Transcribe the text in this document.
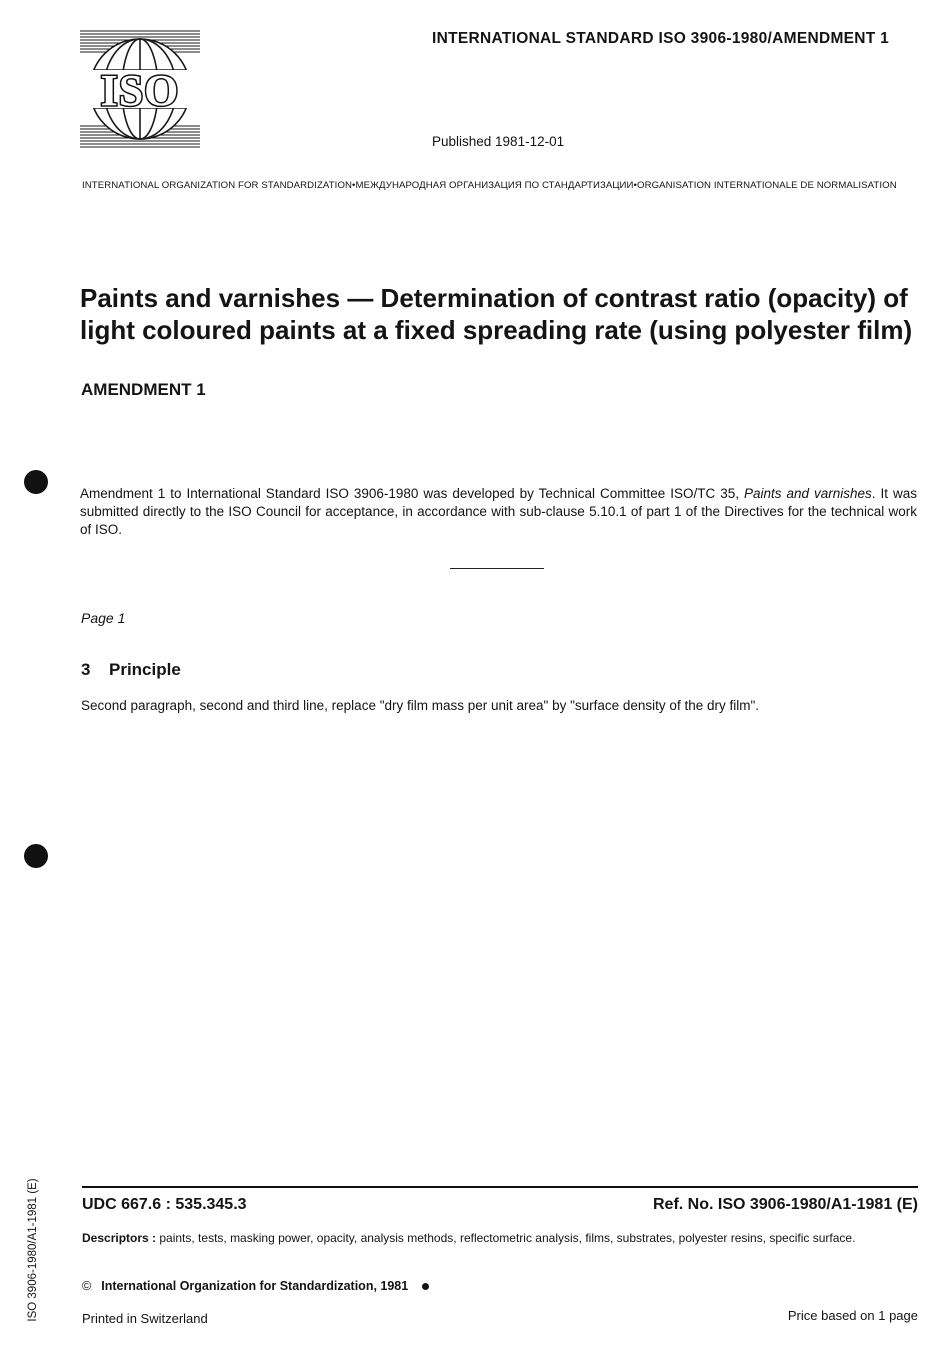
ISO
INTERNATIONAL STANDARD ISO 3906-1980/AMENDMENT 1
Published 1981-12-01
INTERNATIONAL ORGANIZATION FOR STANDARDIZATION•МЕЖДУНАРОДНАЯ ОРГАНИЗАЦИЯ ПО СТАНДАРТИЗАЦИИ•ORGANISATION INTERNATIONALE DE NORMALISATION
Paints and varnishes — Determination of contrast ratio (opacity) of light coloured paints at a fixed spreading rate (using polyester film)
AMENDMENT 1

Amendment 1 to International Standard ISO 3906-1980 was developed by Technical Committee ISO/TC 35, Paints and varnishes. It was submitted directly to the ISO Council for acceptance, in accordance with sub-clause 5.10.1 of part 1 of the Directives for the technical work of ISO.

Page 1
3 Principle
Second paragraph, second and third line, replace "dry film mass per unit area" by "surface density of the dry film".
UDC 667.6 : 535.345.3	Ref. No. ISO 3906-1980/A1-1981 (E)

Descriptors : paints, tests, masking power, opacity, analysis methods, reflectometric analysis, films, substrates, polyester resins, specific surface.

© International Organization for Standardization, 1981
Printed in Switzerland	Price based on 1 page
ISO 3906-1980/A1-1981 (E)
